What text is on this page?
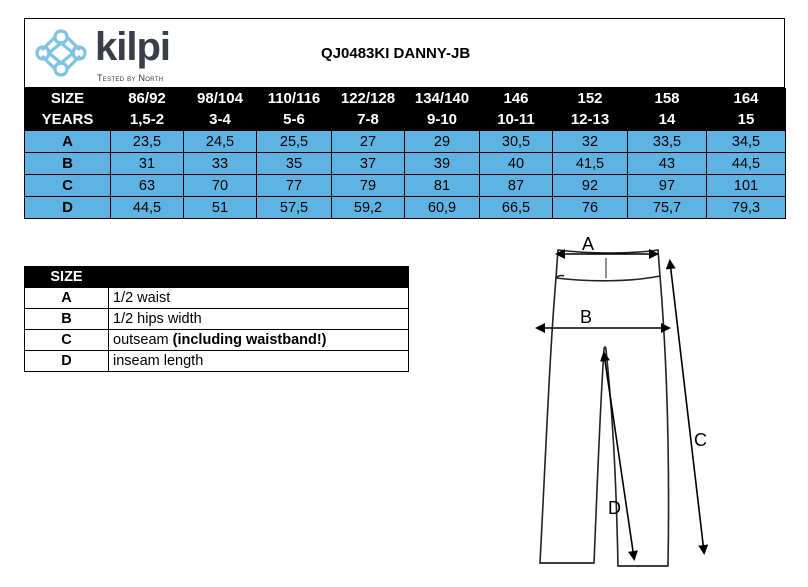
kilpi
Tested by North
QJ0483KI DANNY-JB
SIZE	86/92	98/104	110/116	122/128	134/140	146	152	158	164
YEARS	1,5-2	3-4	5-6	7-8	9-10	10-11	12-13	14	15
A	23,5	24,5	25,5	27	29	30,5	32	33,5	34,5
B	31	33	35	37	39	40	41,5	43	44,5
C	63	70	77	79	81	87	92	97	101
D	44,5	51	57,5	59,2	60,9	66,5	76	75,7	79,3
SIZE	
A	1/2 waist
B	1/2 hips width
C	outseam (including waistband!)
D	inseam length
A
B
C
D
